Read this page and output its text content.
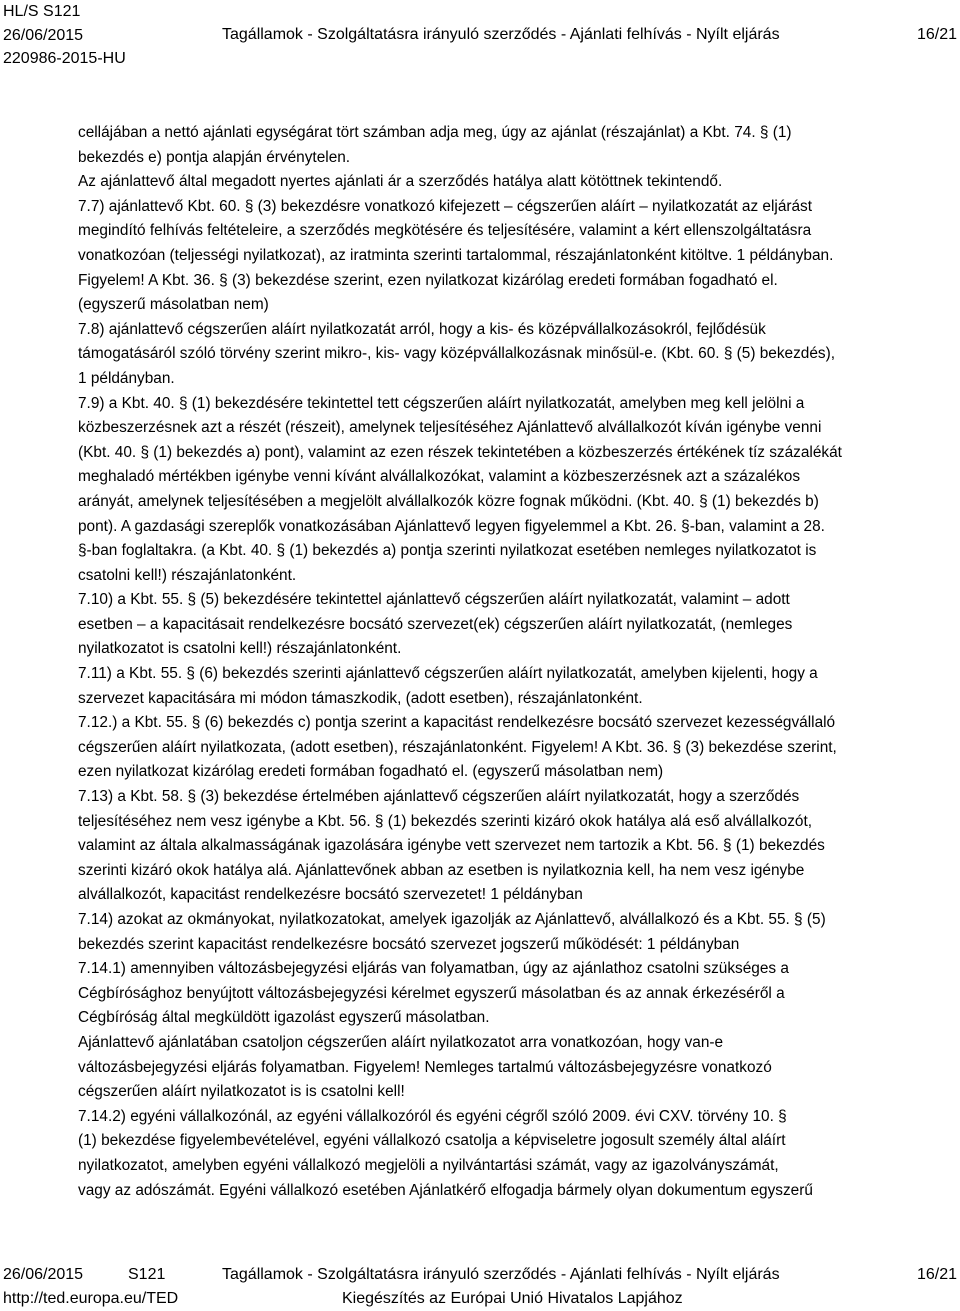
HL/S S121
26/06/2015
220986-2015-HU
Tagállamok - Szolgáltatásra irányuló szerződés - Ajánlati felhívás - Nyílt eljárás	16/21

cellájában a nettó ajánlati egységárat tört számban adja meg, úgy az ajánlat (részajánlat) a Kbt. 74. § (1)

bekezdés e) pontja alapján érvénytelen.

Az ajánlattevő által megadott nyertes ajánlati ár a szerződés hatálya alatt kötöttnek tekintendő.

7.7) ajánlattevő Kbt. 60. § (3) bekezdésre vonatkozó kifejezett – cégszerűen aláírt – nyilatkozatát az eljárást

megindító felhívás feltételeire, a szerződés megkötésére és teljesítésére, valamint a kért ellenszolgáltatásra

vonatkozóan (teljességi nyilatkozat), az iratminta szerinti tartalommal, részajánlatonként kitöltve. 1 példányban.

Figyelem! A Kbt. 36. § (3) bekezdése szerint, ezen nyilatkozat kizárólag eredeti formában fogadható el.

(egyszerű másolatban nem)

7.8) ajánlattevő cégszerűen aláírt nyilatkozatát arról, hogy a kis- és középvállalkozásokról, fejlődésük

támogatásáról szóló törvény szerint mikro-, kis- vagy középvállalkozásnak minősül-e. (Kbt. 60. § (5) bekezdés),

1 példányban.

7.9) a Kbt. 40. § (1) bekezdésére tekintettel tett cégszerűen aláírt nyilatkozatát, amelyben meg kell jelölni a

közbeszerzésnek azt a részét (részeit), amelynek teljesítéséhez Ajánlattevő alvállalkozót kíván igénybe venni

(Kbt. 40. § (1) bekezdés a) pont), valamint az ezen részek tekintetében a közbeszerzés értékének tíz százalékát

meghaladó mértékben igénybe venni kívánt alvállalkozókat, valamint a közbeszerzésnek azt a százalékos

arányát, amelynek teljesítésében a megjelölt alvállalkozók közre fognak működni. (Kbt. 40. § (1) bekezdés b)

pont). A gazdasági szereplők vonatkozásában Ajánlattevő legyen figyelemmel a Kbt. 26. §-ban, valamint a 28.

§-ban foglaltakra. (a Kbt. 40. § (1) bekezdés a) pontja szerinti nyilatkozat esetében nemleges nyilatkozatot is

csatolni kell!) részajánlatonként.

7.10) a Kbt. 55. § (5) bekezdésére tekintettel ajánlattevő cégszerűen aláírt nyilatkozatát, valamint – adott

esetben – a kapacitásait rendelkezésre bocsátó szervezet(ek) cégszerűen aláírt nyilatkozatát, (nemleges

nyilatkozatot is csatolni kell!) részajánlatonként.

7.11) a Kbt. 55. § (6) bekezdés szerinti ajánlattevő cégszerűen aláírt nyilatkozatát, amelyben kijelenti, hogy a

szervezet kapacitására mi módon támaszkodik, (adott esetben), részajánlatonként.

7.12.) a Kbt. 55. § (6) bekezdés c) pontja szerint a kapacitást rendelkezésre bocsátó szervezet kezességvállaló

cégszerűen aláírt nyilatkozata, (adott esetben), részajánlatonként. Figyelem! A Kbt. 36. § (3) bekezdése szerint,

ezen nyilatkozat kizárólag eredeti formában fogadható el. (egyszerű másolatban nem)

7.13) a Kbt. 58. § (3) bekezdése értelmében ajánlattevő cégszerűen aláírt nyilatkozatát, hogy a szerződés

teljesítéséhez nem vesz igénybe a Kbt. 56. § (1) bekezdés szerinti kizáró okok hatálya alá eső alvállalkozót,

valamint az általa alkalmasságának igazolására igénybe vett szervezet nem tartozik a Kbt. 56. § (1) bekezdés

szerinti kizáró okok hatálya alá. Ajánlattevőnek abban az esetben is nyilatkoznia kell, ha nem vesz igénybe

alvállalkozót, kapacitást rendelkezésre bocsátó szervezetet! 1 példányban

7.14) azokat az okmányokat, nyilatkozatokat, amelyek igazolják az Ajánlattevő, alvállalkozó és a Kbt. 55. § (5)

bekezdés szerint kapacitást rendelkezésre bocsátó szervezet jogszerű működését: 1 példányban

7.14.1) amennyiben változásbejegyzési eljárás van folyamatban, úgy az ajánlathoz csatolni szükséges a

Cégbírósághoz benyújtott változásbejegyzési kérelmet egyszerű másolatban és az annak érkezéséről a

Cégbíróság által megküldött igazolást egyszerű másolatban.

Ajánlattevő ajánlatában csatoljon cégszerűen aláírt nyilatkozatot arra vonatkozóan, hogy van-e

változásbejegyzési eljárás folyamatban. Figyelem! Nemleges tartalmú változásbejegyzésre vonatkozó

cégszerűen aláírt nyilatkozatot is is csatolni kell!

7.14.2) egyéni vállalkozónál, az egyéni vállalkozóról és egyéni cégről szóló 2009. évi CXV. törvény 10. §

(1) bekezdése figyelembevételével, egyéni vállalkozó csatolja a képviseletre jogosult személy által aláírt

nyilatkozatot, amelyben egyéni vállalkozó megjelöli a nyilvántartási számát, vagy az igazolványszámát,

vagy az adószámát. Egyéni vállalkozó esetében Ajánlatkérő elfogadja bármely olyan dokumentum egyszerű

26/06/2015	S121	Tagállamok - Szolgáltatásra irányuló szerződés - Ajánlati felhívás - Nyílt eljárás	16/21
http://ted.europa.eu/TED	Kiegészítés az Európai Unió Hivatalos Lapjához
